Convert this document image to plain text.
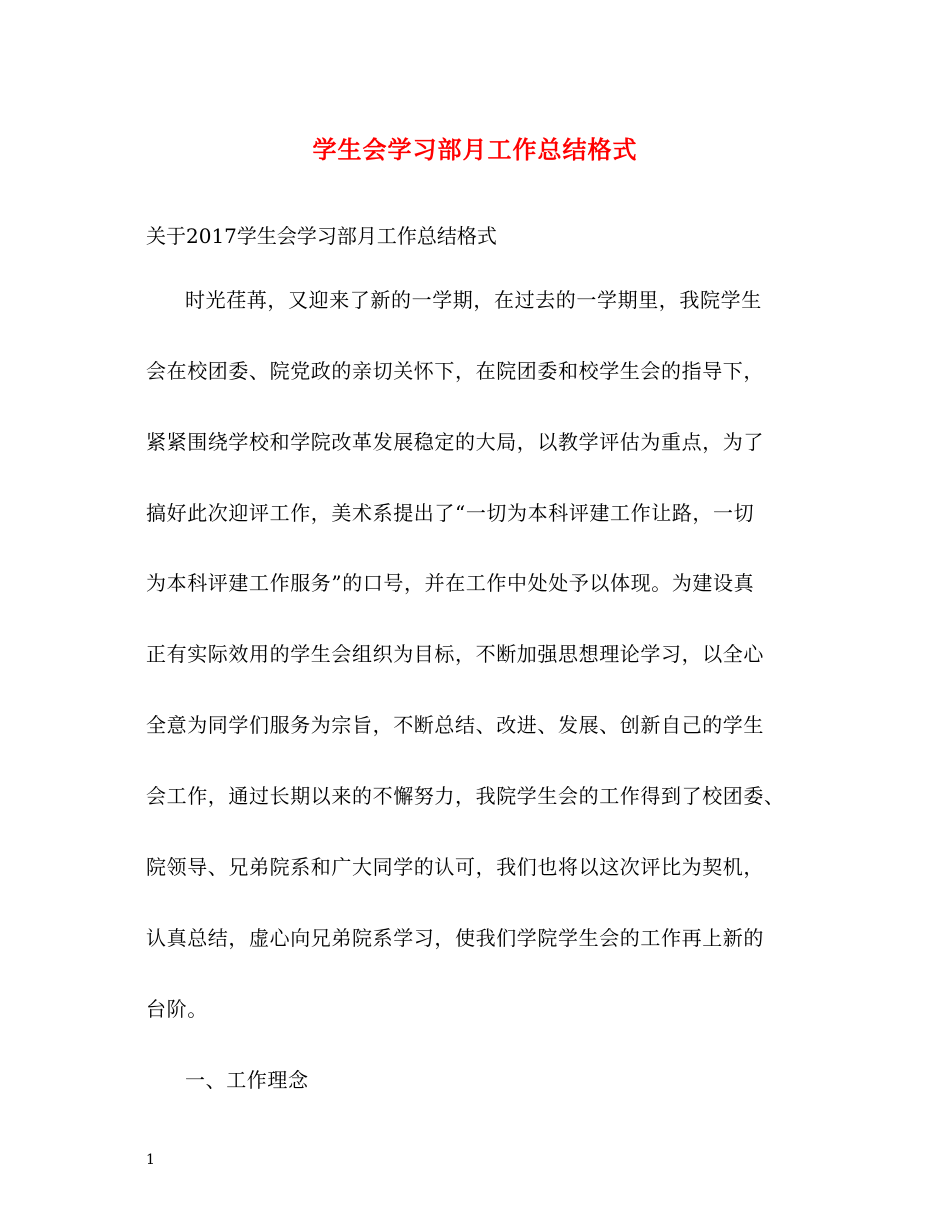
学生会学习部月工作总结格式
关于2017学生会学习部月工作总结格式
时光荏苒，又迎来了新的一学期，在过去的一学期里，我院学生
会在校团委、院党政的亲切关怀下，在院团委和校学生会的指导下，
紧紧围绕学校和学院改革发展稳定的大局，以教学评估为重点，为了
搞好此次迎评工作，美术系提出了“一切为本科评建工作让路，一切
为本科评建工作服务”的口号，并在工作中处处予以体现。为建设真
正有实际效用的学生会组织为目标，不断加强思想理论学习，以全心
全意为同学们服务为宗旨，不断总结、改进、发展、创新自己的学生
会工作，通过长期以来的不懈努力，我院学生会的工作得到了校团委、
院领导、兄弟院系和广大同学的认可，我们也将以这次评比为契机，
认真总结，虚心向兄弟院系学习，使我们学院学生会的工作再上新的
台阶。
一、工作理念
1
